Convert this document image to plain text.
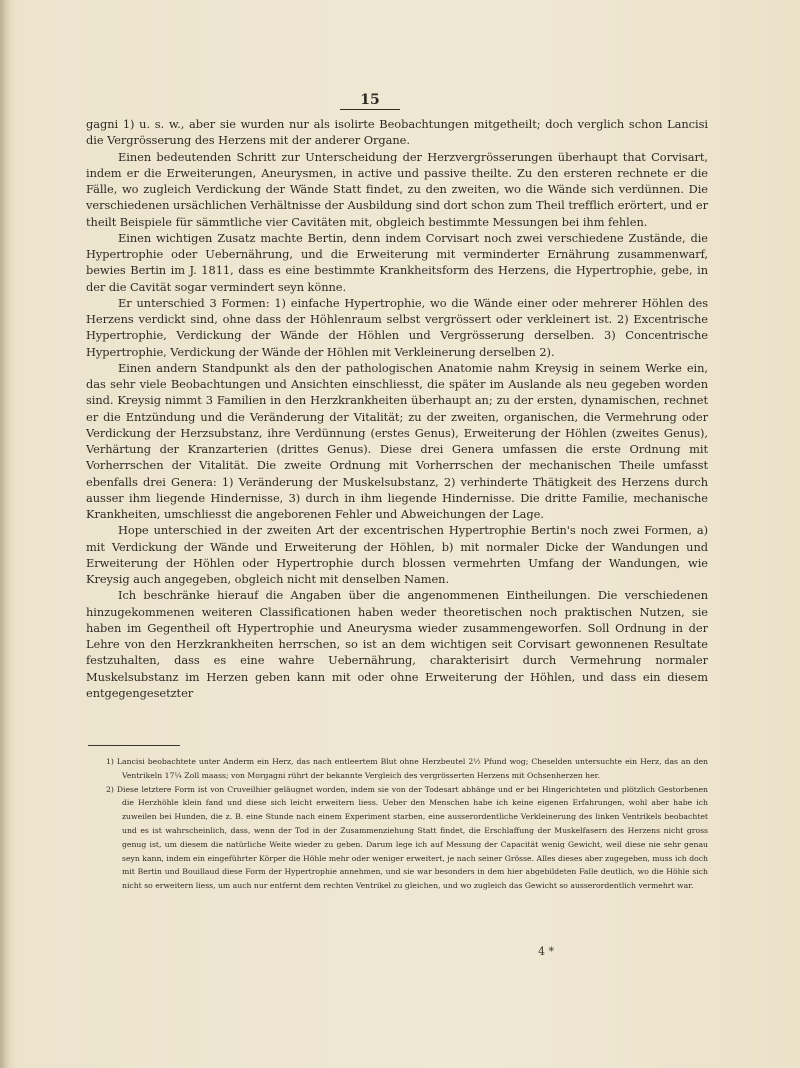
15

gagni 1) u. s. w., aber sie wurden nur als isolirte Beobachtungen mitgetheilt; doch verglich schon Lancisi die Vergrösserung des Herzens mit der anderer Organe.

Einen bedeutenden Schritt zur Unterscheidung der Herzvergrösserungen überhaupt that Corvisart, indem er die Erweiterungen, Aneurysmen, in active und passive theilte. Zu den ersteren rechnete er die Fälle, wo zugleich Verdickung der Wände Statt findet, zu den zweiten, wo die Wände sich verdünnen. Die verschiedenen ursächlichen Verhältnisse der Ausbildung sind dort schon zum Theil trefflich erörtert, und er theilt Beispiele für sämmtliche vier Cavitäten mit, obgleich bestimmte Messungen bei ihm fehlen.

Einen wichtigen Zusatz machte Bertin, denn indem Corvisart noch zwei verschiedene Zustände, die Hypertrophie oder Uebernährung, und die Erweiterung mit verminderter Ernährung zusammenwarf, bewies Bertin im J. 1811, dass es eine bestimmte Krankheitsform des Herzens, die Hypertrophie, gebe, in der die Cavität sogar vermindert seyn könne.

Er unterschied 3 Formen: 1) einfache Hypertrophie, wo die Wände einer oder mehrerer Höhlen des Herzens verdickt sind, ohne dass der Höhlenraum selbst vergrössert oder verkleinert ist. 2) Excentrische Hypertrophie, Verdickung der Wände der Höhlen und Vergrösserung derselben. 3) Concentrische Hypertrophie, Verdickung der Wände der Höhlen mit Verkleinerung derselben 2).

Einen andern Standpunkt als den der pathologischen Anatomie nahm Kreysig in seinem Werke ein, das sehr viele Beobachtungen und Ansichten einschliesst, die später im Auslande als neu gegeben worden sind. Kreysig nimmt 3 Familien in den Herzkrankheiten überhaupt an; zu der ersten, dynamischen, rechnet er die Entzündung und die Veränderung der Vitalität; zu der zweiten, organischen, die Vermehrung oder Verdickung der Herzsubstanz, ihre Verdünnung (erstes Genus), Erweiterung der Höhlen (zweites Genus), Verhärtung der Kranzarterien (drittes Genus). Diese drei Genera umfassen die erste Ordnung mit Vorherrschen der Vitalität. Die zweite Ordnung mit Vorherrschen der mechanischen Theile umfasst ebenfalls drei Genera: 1) Veränderung der Muskelsubstanz, 2) verhinderte Thätigkeit des Herzens durch ausser ihm liegende Hindernisse, 3) durch in ihm liegende Hindernisse. Die dritte Familie, mechanische Krankheiten, umschliesst die angeborenen Fehler und Abweichungen der Lage.

Hope unterschied in der zweiten Art der excentrischen Hypertrophie Bertin's noch zwei Formen, a) mit Verdickung der Wände und Erweiterung der Höhlen, b) mit normaler Dicke der Wandungen und Erweiterung der Höhlen oder Hypertrophie durch blossen vermehrten Umfang der Wandungen, wie Kreysig auch angegeben, obgleich nicht mit denselben Namen.

Ich beschränke hierauf die Angaben über die angenommenen Eintheilungen. Die verschiedenen hinzugekommenen weiteren Classificationen haben weder theoretischen noch praktischen Nutzen, sie haben im Gegentheil oft Hypertrophie und Aneurysma wieder zusammengeworfen. Soll Ordnung in der Lehre von den Herzkrankheiten herrschen, so ist an dem wichtigen seit Corvisart gewonnenen Resultate festzuhalten, dass es eine wahre Uebernährung, charakterisirt durch Vermehrung normaler Muskelsubstanz im Herzen geben kann mit oder ohne Erweiterung der Höhlen, und dass ein diesem entgegengesetzter

1) Lancisi beobachtete unter Anderm ein Herz, das nach entleertem Blut ohne Herzbeutel 2½ Pfund wog; Cheselden untersuchte ein Herz, das an den Ventrikeln 17¼ Zoll maass; von Morgagni rührt der bekannte Vergleich des vergrösserten Herzens mit Ochsenherzen her.

2) Diese letztere Form ist von Cruveilhier geläugnet worden, indem sie von der Todesart abhänge und er bei Hingerichteten und plötzlich Gestorbenen die Herzhöhle klein fand und diese sich leicht erweitern liess. Ueber den Menschen habe ich keine eigenen Erfahrungen, wohl aber habe ich zuweilen bei Hunden, die z. B. eine Stunde nach einem Experiment starben, eine ausserordentliche Verkleinerung des linken Ventrikels beobachtet und es ist wahrscheinlich, dass, wenn der Tod in der Zusammenziehung Statt findet, die Erschlaffung der Muskelfasern des Herzens nicht gross genug ist, um diesem die natürliche Weite wieder zu geben. Darum lege ich auf Messung der Capacität wenig Gewicht, weil diese nie sehr genau seyn kann, indem ein eingeführter Körper die Höhle mehr oder weniger erweitert, je nach seiner Grösse. Alles dieses aber zugegeben, muss ich doch mit Bertin und Bouillaud diese Form der Hypertrophie annehmen, und sie war besonders in dem hier abgebildeten Falle deutlich, wo die Höhle sich nicht so erweitern liess, um auch nur entfernt dem rechten Ventrikel zu gleichen, und wo zugleich das Gewicht so ausserordentlich vermehrt war.

4 *
